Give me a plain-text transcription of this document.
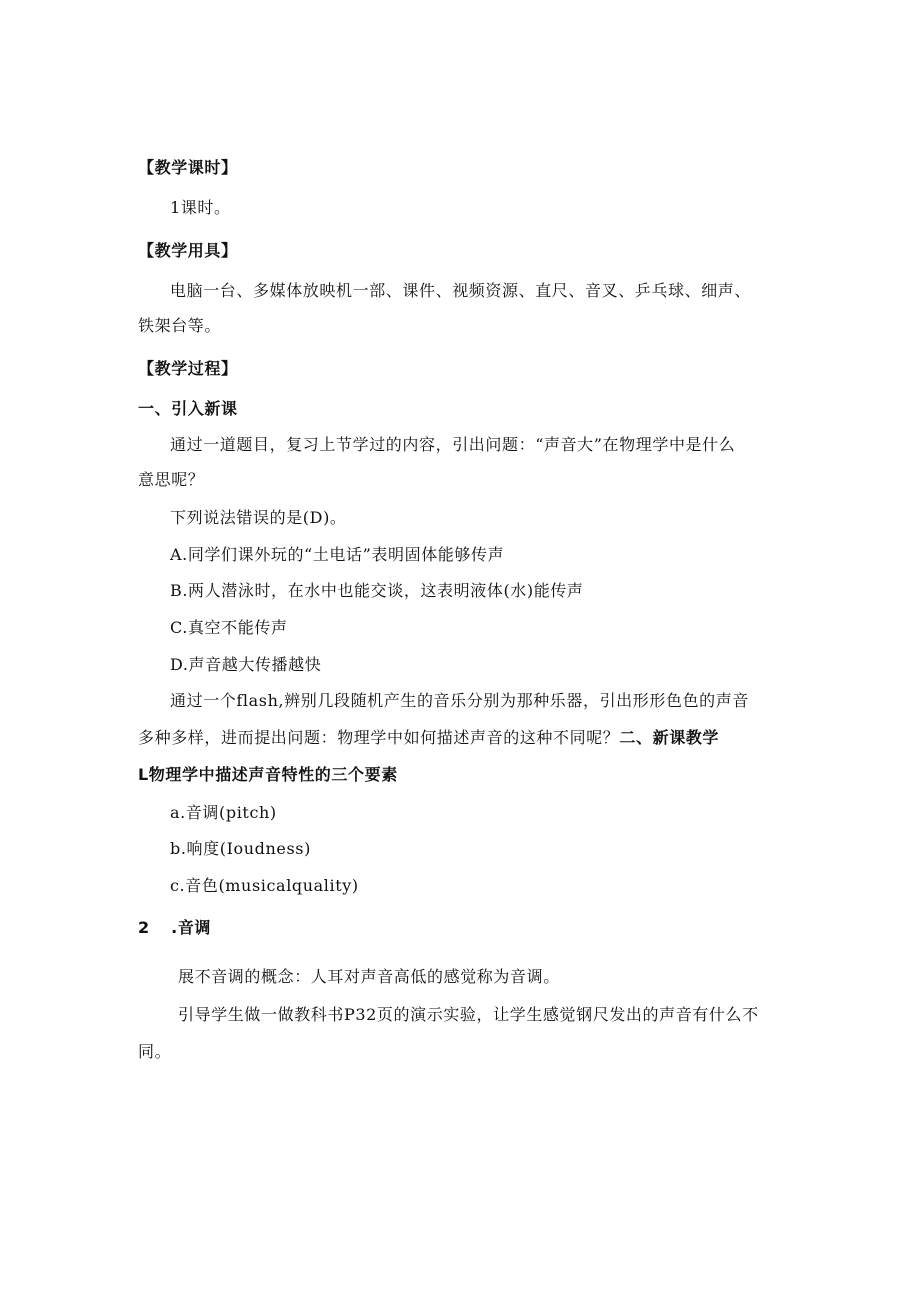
【教学课时】
1课时。
【教学用具】
电脑一台、多媒体放映机一部、课件、视频资源、直尺、音叉、乒乓球、细声、
铁架台等。
【教学过程】
一、引入新课
通过一道题目，复习上节学过的内容，引出问题：“声音大”在物理学中是什么
意思呢？
下列说法错误的是(D)。
A.同学们课外玩的“土电话”表明固体能够传声
B.两人潜泳时，在水中也能交谈，这表明液体(水)能传声
C.真空不能传声
D.声音越大传播越快
通过一个flash,辨别几段随机产生的音乐分别为那种乐器，引出形形色色的声音
多种多样，进而提出问题：物理学中如何描述声音的这种不同呢？二、新课教学
L物理学中描述声音特性的三个要素
a.音调(pitch)
b.响度(Ioudness)
c.音色(musicalquality)
2 .音调
展不音调的概念：人耳对声音高低的感觉称为音调。
引导学生做一做教科书P32页的演示实验，让学生感觉钢尺发出的声音有什么不
同。
